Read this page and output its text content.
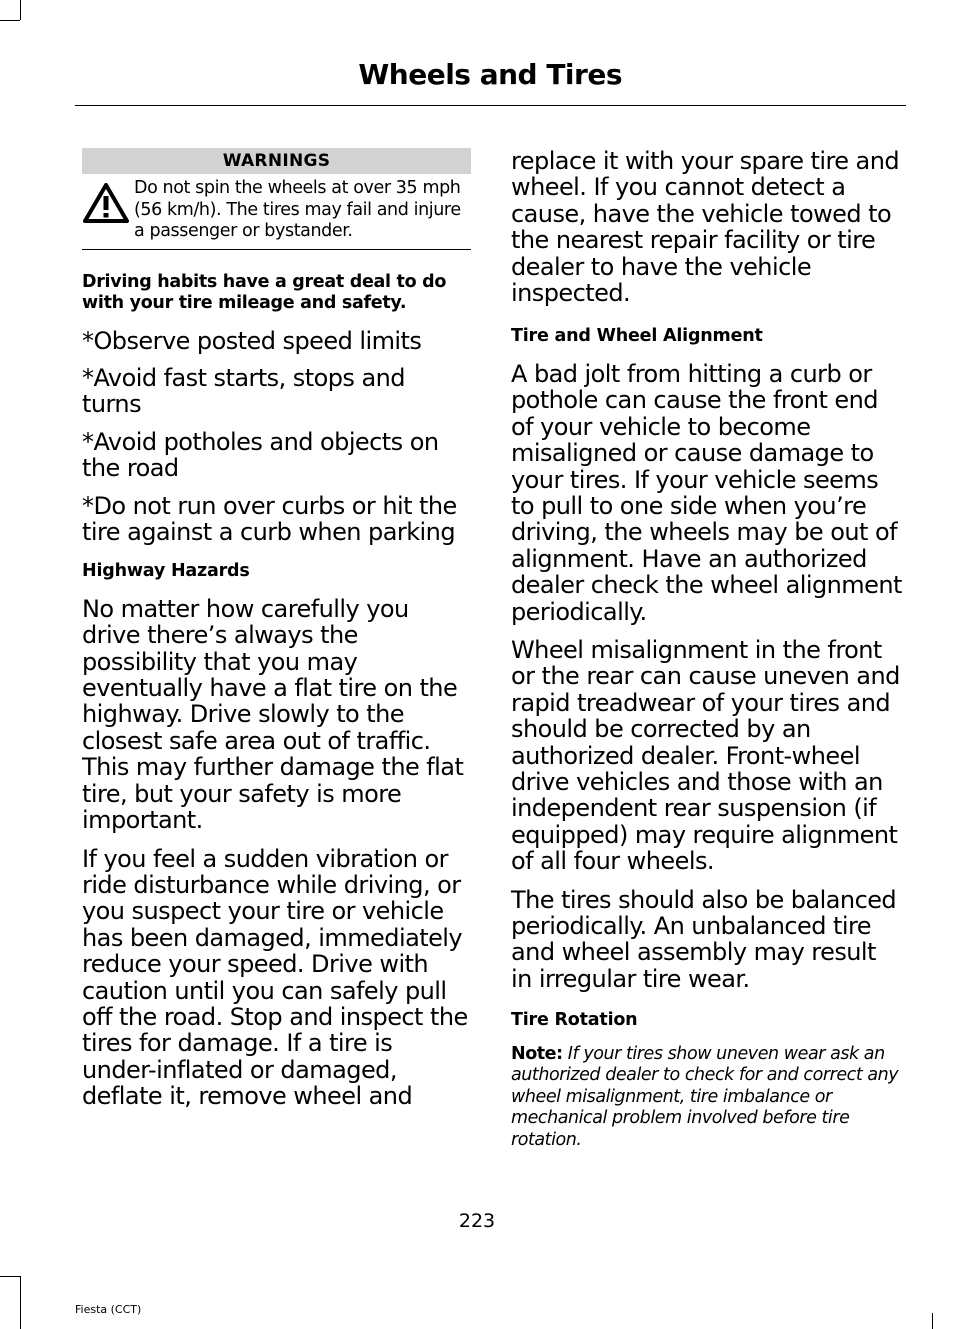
Wheels and Tires
WARNINGS
Do not spin the wheels at over 35 mph (56 km/h). The tires may fail and injure a passenger or bystander.

Driving habits have a great deal to do with your tire mileage and safety.

*Observe posted speed limits

*Avoid fast starts, stops and turns

*Avoid potholes and objects on the road

*Do not run over curbs or hit the tire against a curb when parking

Highway Hazards

No matter how carefully you drive there’s always the possibility that you may eventually have a flat tire on the highway. Drive slowly to the closest safe area out of traffic. This may further damage the flat tire, but your safety is more important.

If you feel a sudden vibration or ride disturbance while driving, or you suspect your tire or vehicle has been damaged, immediately reduce your speed. Drive with caution until you can safely pull off the road. Stop and inspect the tires for damage. If a tire is under-inflated or damaged, deflate it, remove wheel and

replace it with your spare tire and wheel. If you cannot detect a cause, have the vehicle towed to the nearest repair facility or tire dealer to have the vehicle inspected.

Tire and Wheel Alignment

A bad jolt from hitting a curb or pothole can cause the front end of your vehicle to become misaligned or cause damage to your tires. If your vehicle seems to pull to one side when you’re driving, the wheels may be out of alignment. Have an authorized dealer check the wheel alignment periodically.

Wheel misalignment in the front or the rear can cause uneven and rapid treadwear of your tires and should be corrected by an authorized dealer. Front-wheel drive vehicles and those with an independent rear suspension (if equipped) may require alignment of all four wheels.

The tires should also be balanced periodically. An unbalanced tire and wheel assembly may result in irregular tire wear.

Tire Rotation

Note: If your tires show uneven wear ask an authorized dealer to check for and correct any wheel misalignment, tire imbalance or mechanical problem involved before tire rotation.

223
Fiesta (CCT)
